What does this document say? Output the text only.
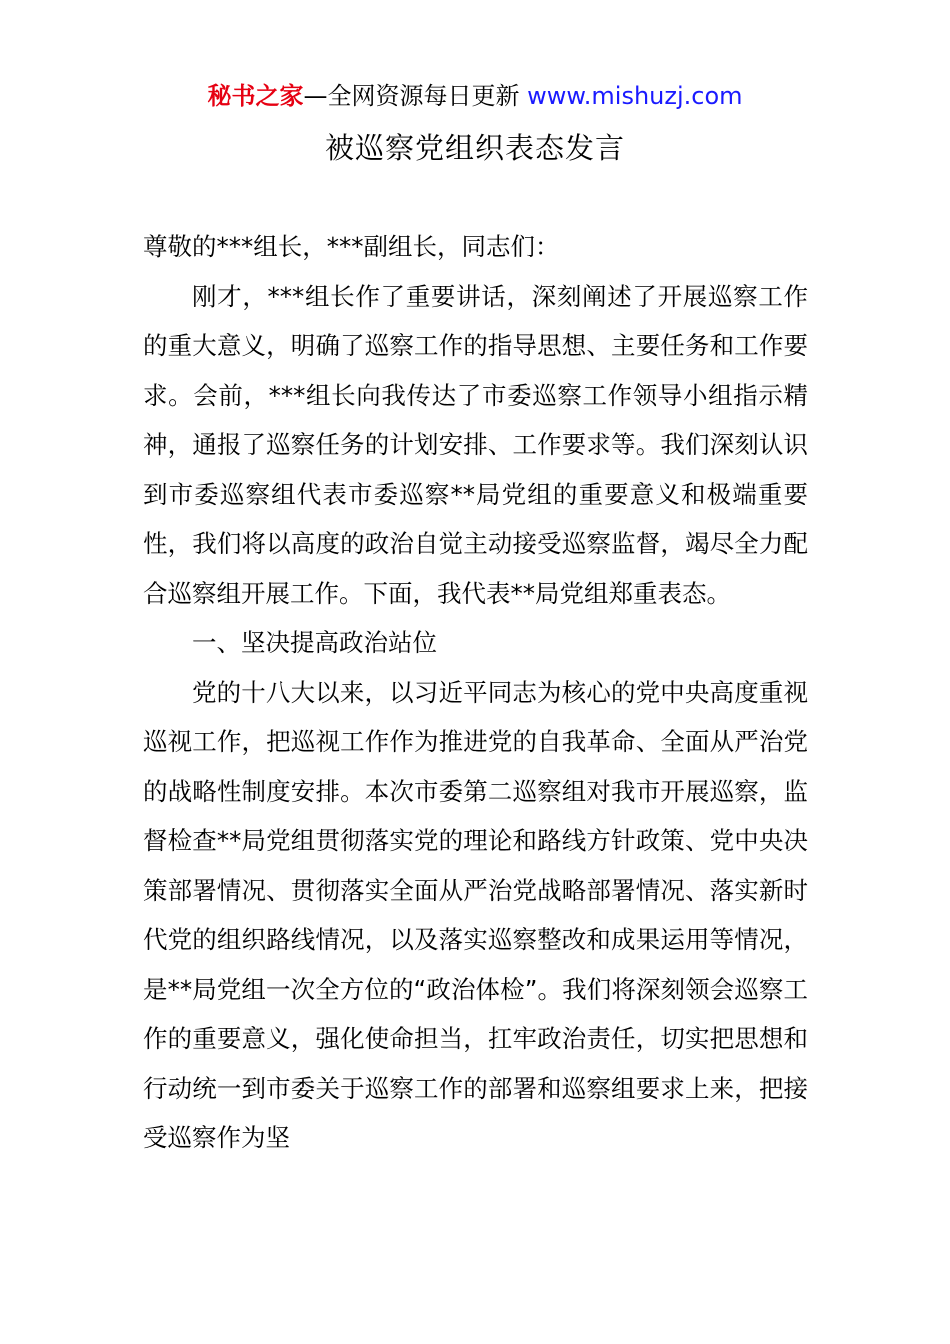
秘书之家—全网资源每日更新 www.mishuzj.com
被巡察党组织表态发言

尊敬的***组长，***副组长，同志们：

刚才，***组长作了重要讲话，深刻阐述了开展巡察工作的重大意义，明确了巡察工作的指导思想、主要任务和工作要求。会前，***组长向我传达了市委巡察工作领导小组指示精神，通报了巡察任务的计划安排、工作要求等。我们深刻认识到市委巡察组代表市委巡察**局党组的重要意义和极端重要性，我们将以高度的政治自觉主动接受巡察监督，竭尽全力配合巡察组开展工作。下面，我代表**局党组郑重表态。

一、坚决提高政治站位

党的十八大以来，以习近平同志为核心的党中央高度重视巡视工作，把巡视工作作为推进党的自我革命、全面从严治党的战略性制度安排。本次市委第二巡察组对我市开展巡察，监督检查**局党组贯彻落实党的理论和路线方针政策、党中央决策部署情况、贯彻落实全面从严治党战略部署情况、落实新时代党的组织路线情况，以及落实巡察整改和成果运用等情况，是**局党组一次全方位的“政治体检”。我们将深刻领会巡察工作的重要意义，强化使命担当，扛牢政治责任，切实把思想和行动统一到市委关于巡察工作的部署和巡察组要求上来，把接受巡察作为坚
